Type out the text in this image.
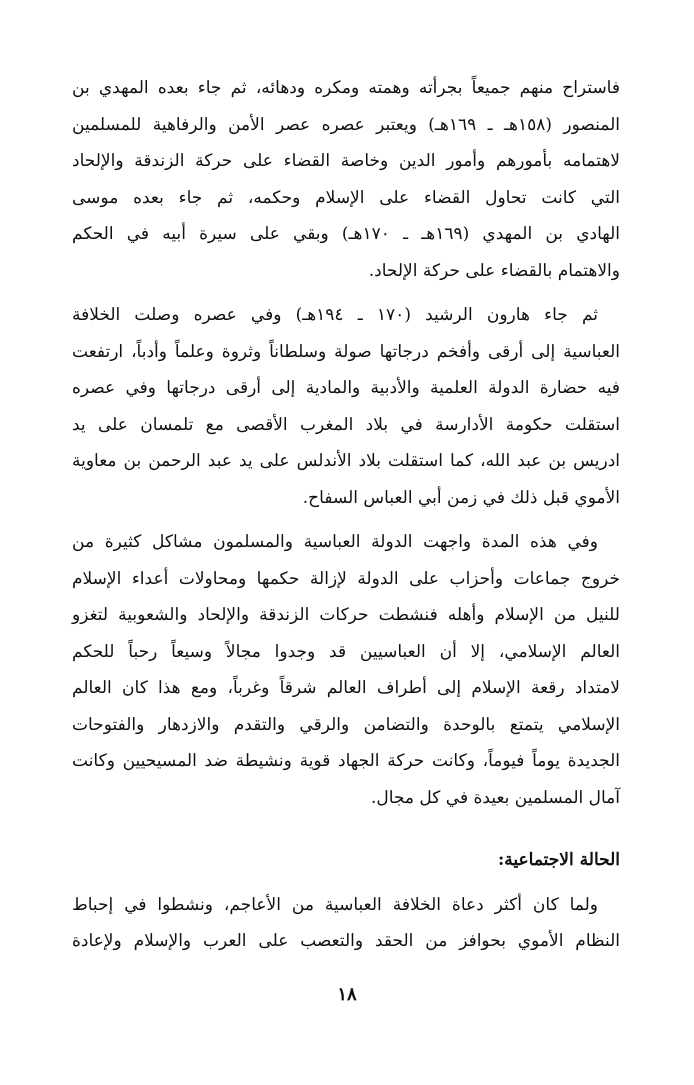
فاستراح منهم جميعاً بجرأته وهمته ومكره ودهائه، ثم جاء بعده المهدي بن
المنصور (١٥٨هـ ـ ١٦٩هـ) ويعتبر عصره عصر الأمن والرفاهية للمسلمين
لاهتمامه بأمورهم وأمور الدين وخاصة القضاء على حركة الزندقة والإلحاد
التي كانت تحاول القضاء على الإسلام وحكمه، ثم جاء بعده موسى
الهادي بن المهدي (١٦٩هـ ـ ١٧٠هـ) وبقي على سيرة أبيه في الحكم
والاهتمام بالقضاء على حركة الإلحاد.
ثم جاء هارون الرشيد (١٧٠ ـ ١٩٤هـ) وفي عصره وصلت الخلافة
العباسية إلى أرقى وأفخم درجاتها صولة وسلطاناً وثروة وعلماً وأدباً، ارتفعت
فيه حضارة الدولة العلمية والأدبية والمادية إلى أرقى درجاتها وفي عصره
استقلت حكومة الأدارسة في بلاد المغرب الأقصى مع تلمسان على يد
ادريس بن عبد الله، كما استقلت بلاد الأندلس على يد عبد الرحمن بن معاوية
الأموي قبل ذلك في زمن أبي العباس السفاح.
وفي هذه المدة واجهت الدولة العباسية والمسلمون مشاكل كثيرة من
خروج جماعات وأحزاب على الدولة لإزالة حكمها ومحاولات أعداء الإسلام
للنيل من الإسلام وأهله فنشطت حركات الزندقة والإلحاد والشعوبية لتغزو
العالم الإسلامي، إلا أن العباسيين قد وجدوا مجالاً وسيعاً رحباً للحكم
لامتداد رقعة الإسلام إلى أطراف العالم شرقاً وغرباً، ومع هذا كان العالم
الإسلامي يتمتع بالوحدة والتضامن والرقي والتقدم والازدهار والفتوحات
الجديدة يوماً فيوماً، وكانت حركة الجهاد قوية ونشيطة ضد المسيحيين وكانت
آمال المسلمين بعيدة في كل مجال.
الحالة الاجتماعية:
ولما كان أكثر دعاة الخلافة العباسية من الأعاجم، ونشطوا في إحباط
النظام الأموي بحوافز من الحقد والتعصب على العرب والإسلام ولإعادة
١٨
